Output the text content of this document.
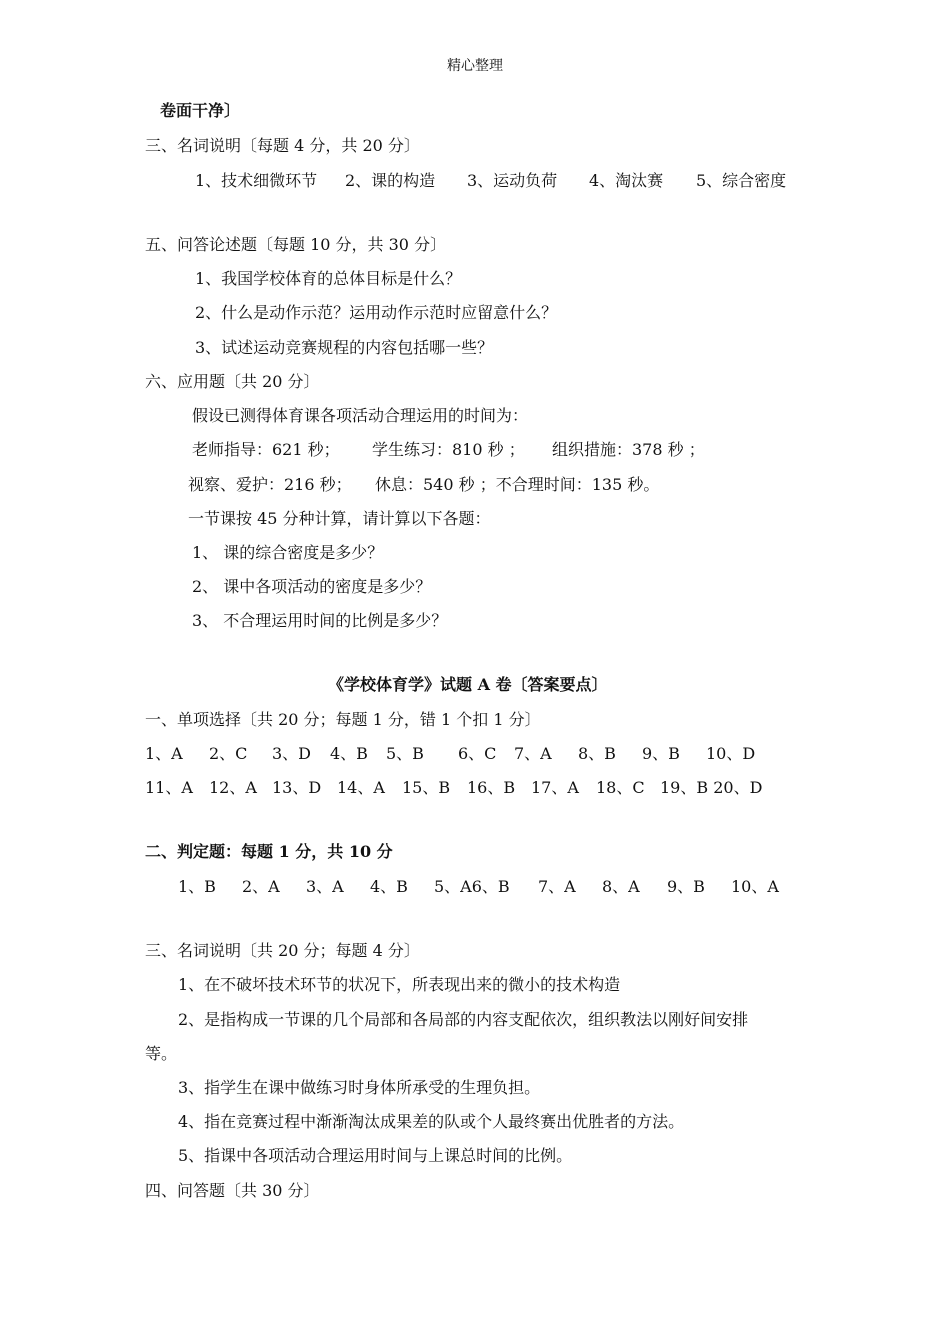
精心整理
卷面干净〕
三、名词说明〔每题 4 分，共 20 分〕
1、技术细微环节 2、课的构造 3、运动负荷 4、淘汰赛 5、综合密度
五、问答论述题〔每题 10 分，共 30 分〕
1、我国学校体育的总体目标是什么？
2、什么是动作示范？运用动作示范时应留意什么？
3、试述运动竞赛规程的内容包括哪一些？
六、应用题〔共 20 分〕
假设已测得体育课各项活动合理运用的时间为：
老师指导：621 秒； 学生练习：810 秒 ； 组织措施：378 秒 ；
视察、爱护：216 秒； 休息：540 秒 ；不合理时间：135 秒。
一节课按 45 分种计算，请计算以下各题：
1、 课的综合密度是多少？
2、 课中各项活动的密度是多少？
3、 不合理运用时间的比例是多少？
《学校体育学》试题 A 卷〔答案要点〕
一、单项选择〔共 20 分；每题 1 分，错 1 个扣 1 分〕
1、A 2、C 3、D 4、B 5、B 6、C 7、A 8、B 9、B 10、D
11、A 12、A 13、D 14、A 15、B 16、B 17、A 18、C 19、B 20、D
二、判定题：每题 1 分，共 10 分
1、B 2、A 3、A 4、B 5、A6、B 7、A 8、A 9、B 10、A
三、名词说明〔共 20 分；每题 4 分〕
1、在不破坏技术环节的状况下，所表现出来的微小的技术构造
2、是指构成一节课的几个局部和各局部的内容支配依次，组织教法以刚好间安排
等。
3、指学生在课中做练习时身体所承受的生理负担。
4、指在竞赛过程中渐渐淘汰成果差的队或个人最终赛出优胜者的方法。
5、指课中各项活动合理运用时间与上课总时间的比例。
四、问答题〔共 30 分〕
